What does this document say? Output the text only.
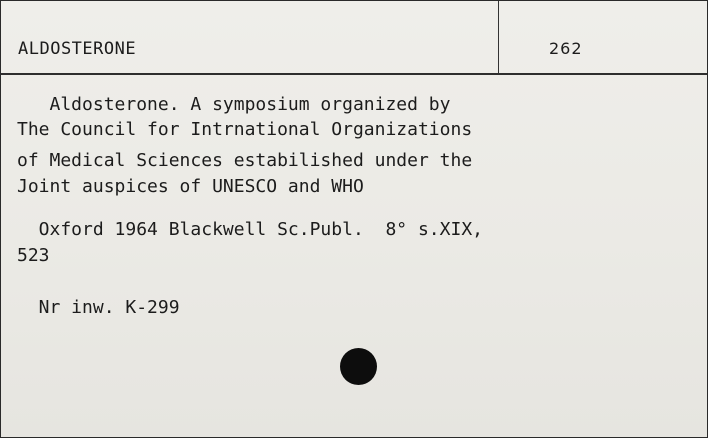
ALDOSTERONE	262
Aldosterone. A symposium organized by
The Council for Intrnational Organizations
of Medical Sciences estabilished under the
Joint auspices of UNESCO and WHO
Oxford 1964 Blackwell Sc.Publ.  8° s.XIX,
523
Nr inw. K-299
